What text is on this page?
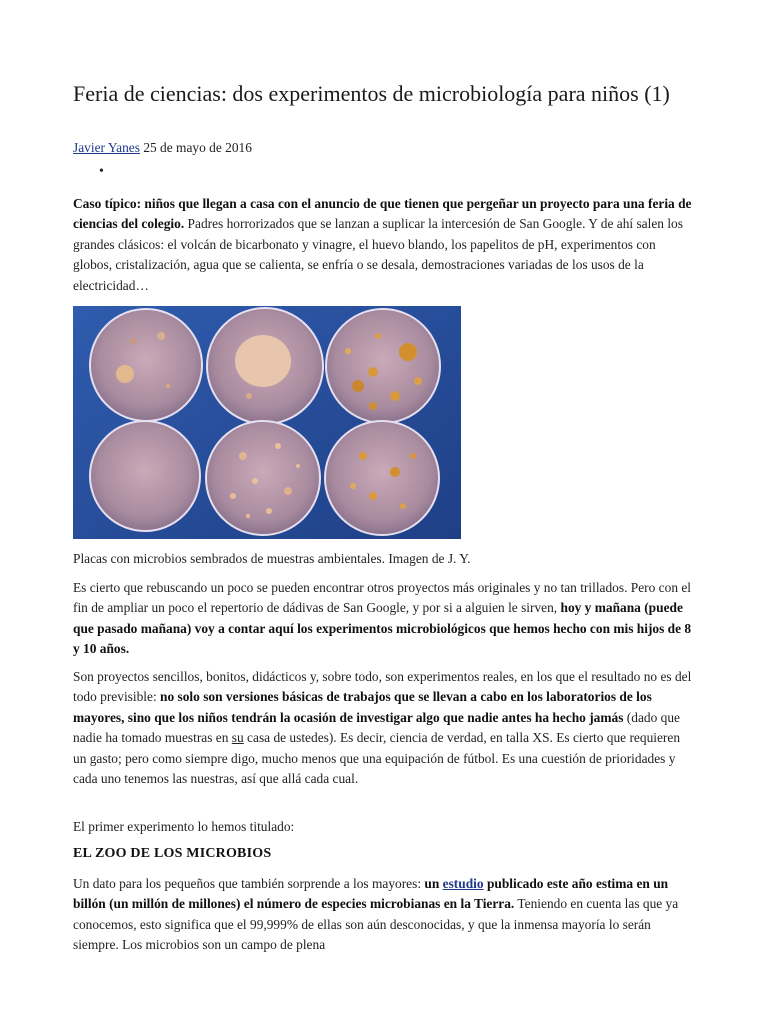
Feria de ciencias: dos experimentos de microbiología para niños (1)
Javier Yanes 25 de mayo de 2016
•

Caso típico: niños que llegan a casa con el anuncio de que tienen que pergeñar un proyecto para una feria de ciencias del colegio. Padres horrorizados que se lanzan a suplicar la intercesión de San Google. Y de ahí salen los grandes clásicos: el volcán de bicarbonato y vinagre, el huevo blando, los papelitos de pH, experimentos con globos, cristalización, agua que se calienta, se enfría o se desala, demostraciones variadas de los usos de la electricidad…

Placas con microbios sembrados de muestras ambientales. Imagen de J. Y.

Es cierto que rebuscando un poco se pueden encontrar otros proyectos más originales y no tan trillados. Pero con el fin de ampliar un poco el repertorio de dádivas de San Google, y por si a alguien le sirven, hoy y mañana (puede que pasado mañana) voy a contar aquí los experimentos microbiológicos que hemos hecho con mis hijos de 8 y 10 años.

Son proyectos sencillos, bonitos, didácticos y, sobre todo, son experimentos reales, en los que el resultado no es del todo previsible: no solo son versiones básicas de trabajos que se llevan a cabo en los laboratorios de los mayores, sino que los niños tendrán la ocasión de investigar algo que nadie antes ha hecho jamás (dado que nadie ha tomado muestras en su casa de ustedes). Es decir, ciencia de verdad, en talla XS. Es cierto que requieren un gasto; pero como siempre digo, mucho menos que una equipación de fútbol. Es una cuestión de prioridades y cada uno tenemos las nuestras, así que allá cada cual.

El primer experimento lo hemos titulado:

EL ZOO DE LOS MICROBIOS

Un dato para los pequeños que también sorprende a los mayores: un estudio publicado este año estima en un billón (un millón de millones) el número de especies microbianas en la Tierra. Teniendo en cuenta las que ya conocemos, esto significa que el 99,999% de ellas son aún desconocidas, y que la inmensa mayoría lo serán siempre. Los microbios son un campo de plena
